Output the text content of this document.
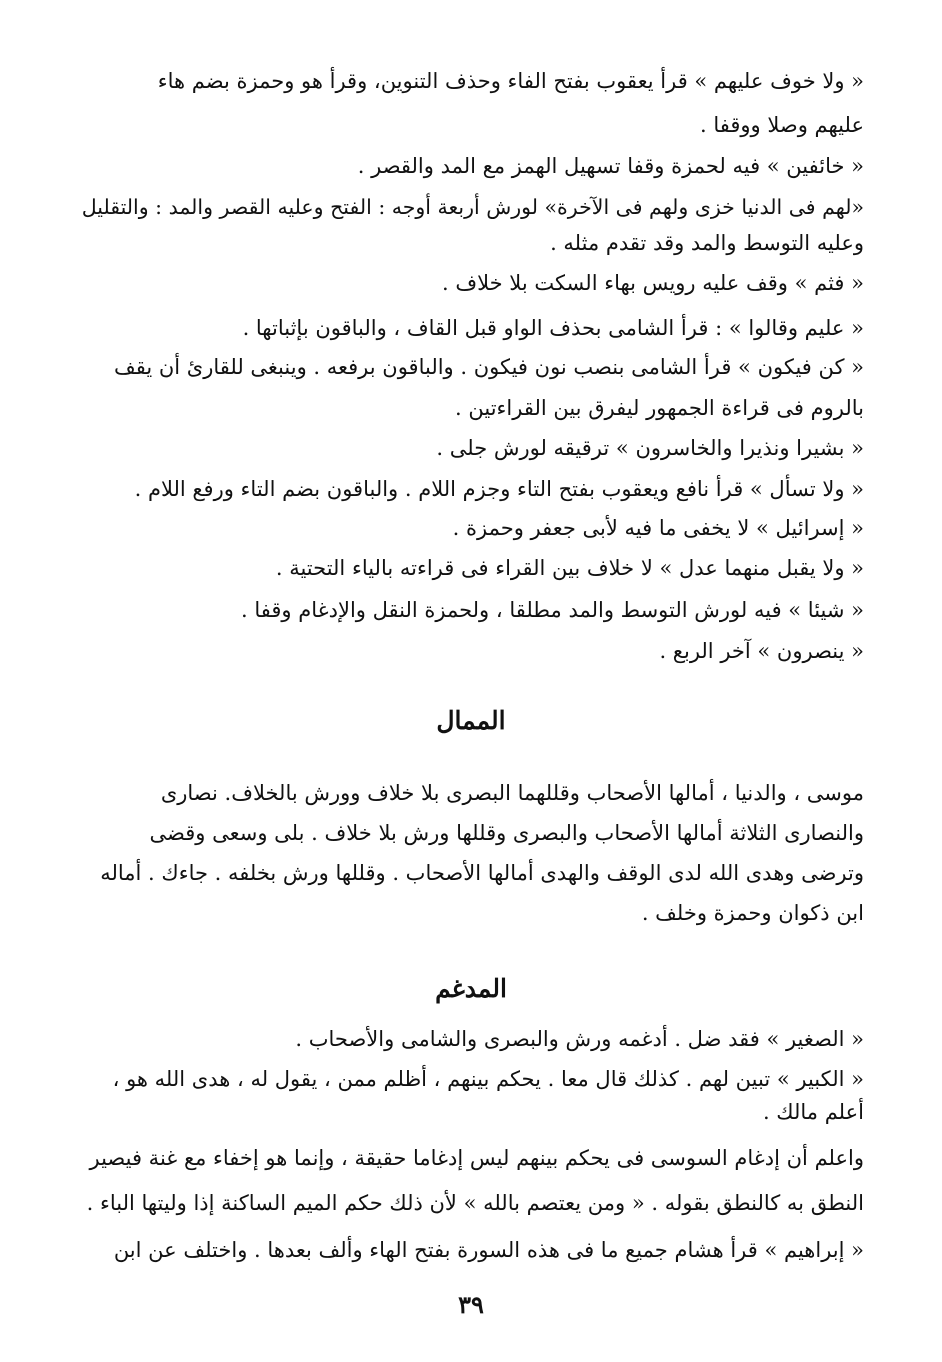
« ولا خوف عليهم » قرأ يعقوب بفتح الفاء وحذف التنوين، وقرأ هو وحمزة بضم هاء
عليهم وصلا ووقفا .
« خائفين » فيه لحمزة وقفا تسهيل الهمز مع المد والقصر .
«لهم فى الدنيا خزى ولهم فى الآخرة» لورش أربعة أوجه : الفتح وعليه القصر والمد : والتقليل
وعليه التوسط والمد وقد تقدم مثله .
« فثم » وقف عليه رويس بهاء السكت بلا خلاف .
« عليم وقالوا » : قرأ الشامى بحذف الواو قبل القاف ، والباقون بإثباتها .
« كن فيكون » قرأ الشامى بنصب نون فيكون . والباقون برفعه . وينبغى للقارئ أن يقف
بالروم فى قراءة الجمهور ليفرق بين القراءتين .
« بشيرا ونذيرا والخاسرون » ترقيقه لورش جلى .
« ولا تسأل » قرأ نافع ويعقوب بفتح التاء وجزم اللام . والباقون بضم التاء ورفع اللام .
« إسرائيل » لا يخفى ما فيه لأبى جعفر وحمزة .
« ولا يقبل منهما عدل » لا خلاف بين القراء فى قراءته بالياء التحتية .
« شيئا » فيه لورش التوسط والمد مطلقا ، ولحمزة النقل والإدغام وقفا .
« ينصرون » آخر الربع .
الممال
موسى ، والدنيا ، أمالها الأصحاب وقللهما البصرى بلا خلاف وورش بالخلاف. نصارى
والنصارى الثلاثة أمالها الأصحاب والبصرى وقللها ورش بلا خلاف . بلى وسعى وقضى
وترضى وهدى الله لدى الوقف والهدى أمالها الأصحاب . وقللها ورش بخلفه . جاءك . أماله
ابن ذكوان وحمزة وخلف .
المدغم
« الصغير » فقد ضل . أدغمه ورش والبصرى والشامى والأصحاب .
« الكبير » تبين لهم . كذلك قال معا . يحكم بينهم ، أظلم ممن ، يقول له ، هدى الله هو ،
أعلم مالك .
واعلم أن إدغام السوسى فى يحكم بينهم ليس إدغاما حقيقة ، وإنما هو إخفاء مع غنة فيصير
النطق به كالنطق بقوله . « ومن يعتصم بالله » لأن ذلك حكم الميم الساكنة إذا وليتها الباء .
« إبراهيم » قرأ هشام جميع ما فى هذه السورة بفتح الهاء وألف بعدها . واختلف عن ابن
٣٩
